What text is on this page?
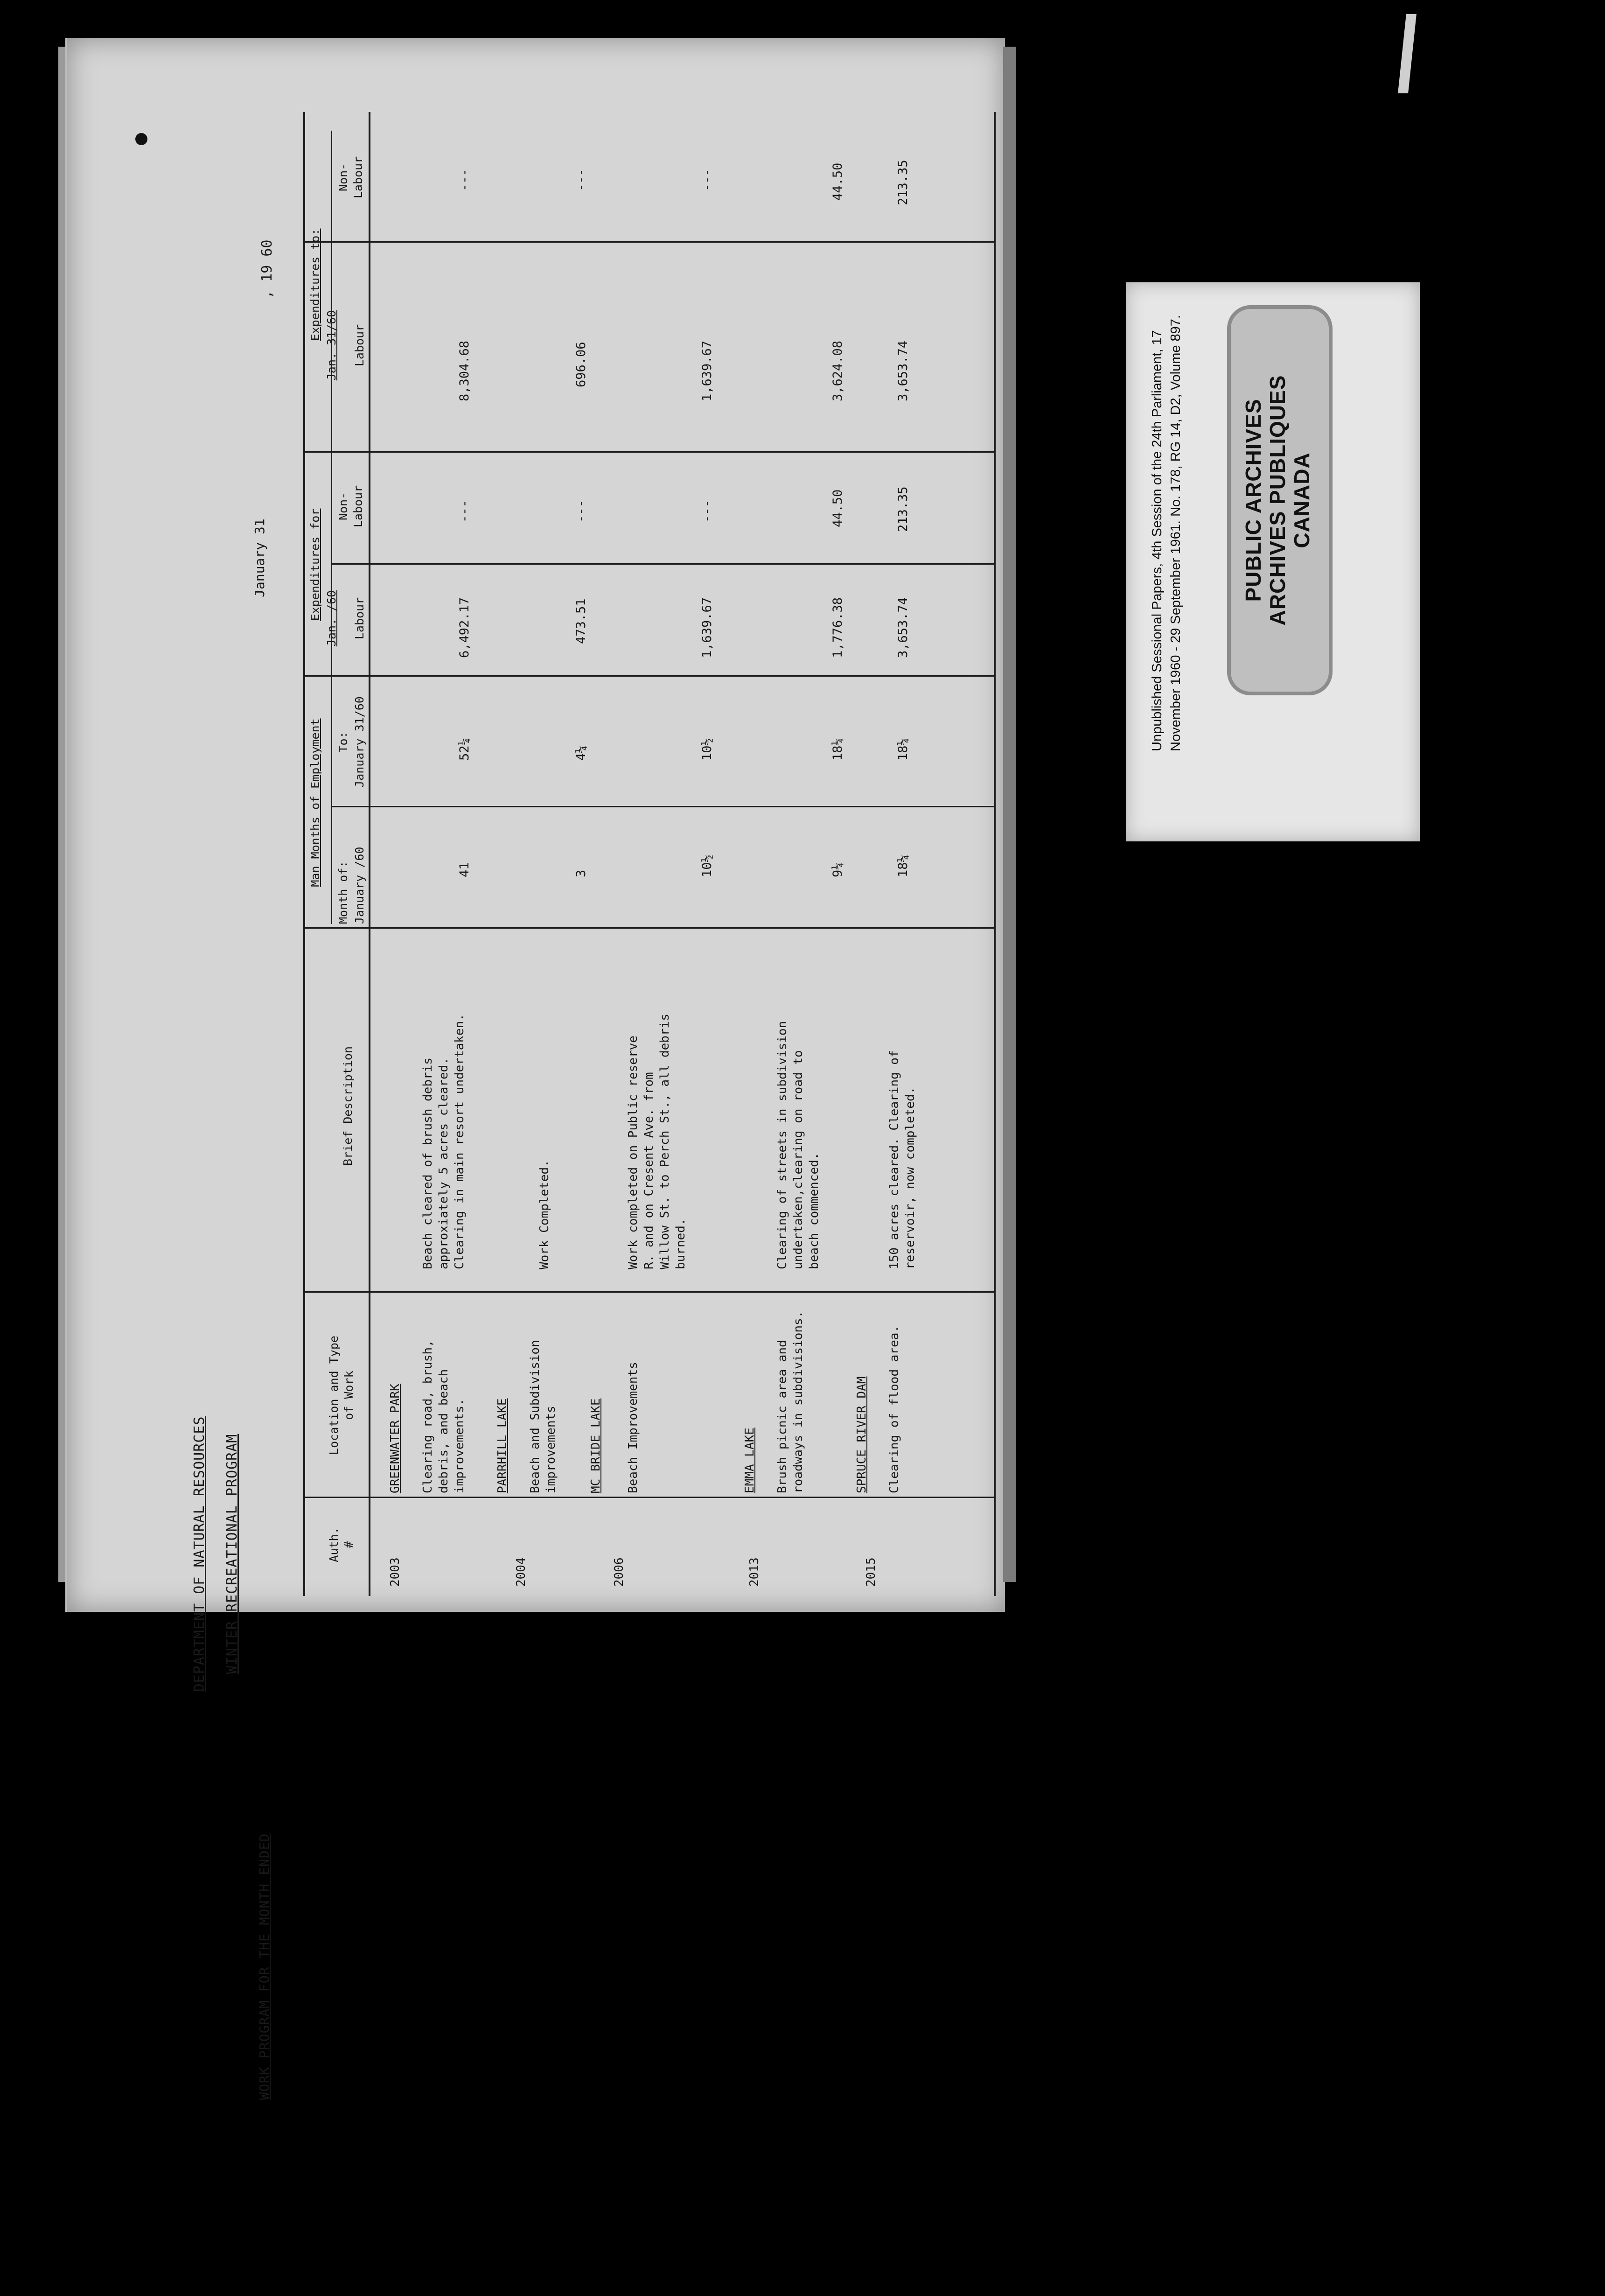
DEPARTMENT OF NATURAL RESOURCES WINTER RECREATIONAL PROGRAM
WORK PROGRAM FOR THE MONTH ENDED
January 31
, 19 60
Auth.
#
Location and Type
of Work
Brief Description
Man Months of Employment
Month of: January /60
To: January 31/60
Expenditures for Jan. /60 Labour
Non-
Labour
Expenditures to:
Jan. 31/60 Labour
Non-
Labour
2003
GREENWATER PARK Clearing road, brush,
debris, and beach
improvements.
Beach cleared of brush debris
approxiately 5 acres cleared.
Clearing in main resort undertaken.
41
52¼
6,492.17
---
8,304.68
---
2004
PARRHILL LAKE Beach and Subdivision
improvements
Work Completed.
3
4¼
473.51
---
696.06
---
2006
MC BRIDE LAKE Beach Improvements
Work completed on Public reserve
R. and on Cresent Ave. from
Willow St. to Perch St., all debris
burned.
10½
10½
1,639.67
---
1,639.67
---
2013
EMMA LAKE Brush picnic area and
roadways in subdivisions.
Clearing of streets in subdivision
undertaken,clearing on road to
beach commenced.
9¼
18¼
1,776.38
44.50
3,624.08
44.50
2015
SPRUCE RIVER DAM Clearing of flood area.
150 acres cleared. Clearing of
reservoir, now completed.
18¼
18¼
3,653.74
213.35
3,653.74
213.35
Unpublished Sessional Papers, 4th Session of the 24th Parliament, 17 November 1960 - 29 September 1961. No. 178, RG 14, D2, Volume 897.	PUBLIC ARCHIVES ARCHIVES PUBLIQUES CANADA
